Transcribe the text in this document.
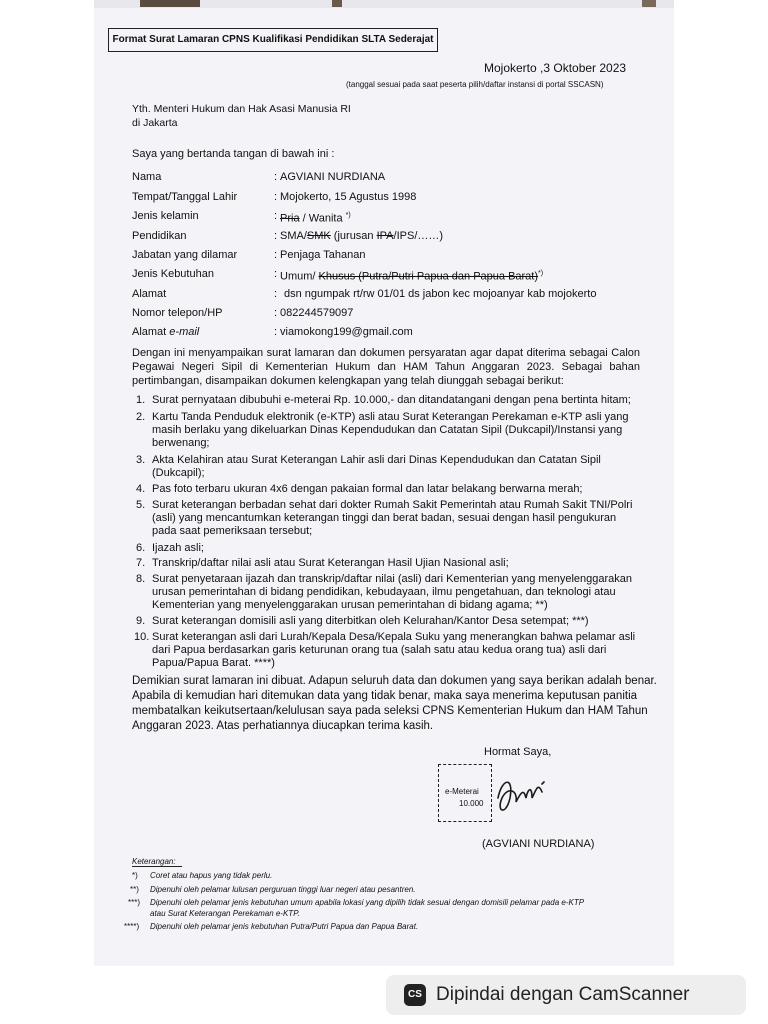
Format Surat Lamaran CPNS Kualifikasi Pendidikan SLTA Sederajat
Mojokerto ,3 Oktober 2023
(tanggal sesuai pada saat peserta pilih/daftar instansi di portal SSCASN)
Yth. Menteri Hukum dan Hak Asasi Manusia RI
di Jakarta
Saya yang bertanda tangan di bawah ini :
Nama	: AGVIANI NURDIANA
Tempat/Tanggal Lahir	: Mojokerto, 15 Agustus 1998
Jenis kelamin	: Pria / Wanita *)
Pendidikan	: SMA/SMK (jurusan IPA/IPS/……)
Jabatan yang dilamar	: Penjaga Tahanan
Jenis Kebutuhan	: Umum/ Khusus (Putra/Putri Papua dan Papua Barat)*)
Alamat	: dsn ngumpak rt/rw 01/01 ds jabon kec mojoanyar kab mojokerto
Nomor telepon/HP	: 082244579097
Alamat e-mail	: viamokong199@gmail.com
Dengan ini menyampaikan surat lamaran dan dokumen persyaratan agar dapat diterima sebagai Calon Pegawai Negeri Sipil di Kementerian Hukum dan HAM Tahun Anggaran 2023. Sebagai bahan pertimbangan, disampaikan dokumen kelengkapan yang telah diunggah sebagai berikut:
1. Surat pernyataan dibubuhi e-meterai Rp. 10.000,- dan ditandatangani dengan pena bertinta hitam;
2. Kartu Tanda Penduduk elektronik (e-KTP) asli atau Surat Keterangan Perekaman e-KTP asli yang
masih berlaku yang dikeluarkan Dinas Kependudukan dan Catatan Sipil (Dukcapil)/Instansi yang
berwenang;
3. Akta Kelahiran atau Surat Keterangan Lahir asli dari Dinas Kependudukan dan Catatan Sipil
(Dukcapil);
4. Pas foto terbaru ukuran 4x6 dengan pakaian formal dan latar belakang berwarna merah;
5. Surat keterangan berbadan sehat dari dokter Rumah Sakit Pemerintah atau Rumah Sakit TNI/Polri
(asli) yang mencantumkan keterangan tinggi dan berat badan, sesuai dengan hasil pengukuran
pada saat pemeriksaan tersebut;
6. Ijazah asli;
7. Transkrip/daftar nilai asli atau Surat Keterangan Hasil Ujian Nasional asli;
8. Surat penyetaraan ijazah dan transkrip/daftar nilai (asli) dari Kementerian yang menyelenggarakan
urusan pemerintahan di bidang pendidikan, kebudayaan, ilmu pengetahuan, dan teknologi atau
Kementerian yang menyelenggarakan urusan pemerintahan di bidang agama; **)
9. Surat keterangan domisili asli yang diterbitkan oleh Kelurahan/Kantor Desa setempat; ***)
10. Surat keterangan asli dari Lurah/Kepala Desa/Kepala Suku yang menerangkan bahwa pelamar asli
dari Papua berdasarkan garis keturunan orang tua (salah satu atau kedua orang tua) asli dari
Papua/Papua Barat. ****)
Demikian surat lamaran ini dibuat. Adapun seluruh data dan dokumen yang saya berikan adalah benar.
Apabila di kemudian hari ditemukan data yang tidak benar, maka saya menerima keputusan panitia
membatalkan keikutsertaan/kelulusan saya pada seleksi CPNS Kementerian Hukum dan HAM Tahun
Anggaran 2023. Atas perhatiannya diucapkan terima kasih.
Hormat Saya,
e-Meterai
10.000
(AGVIANI NURDIANA)
Keterangan:
*) Coret atau hapus yang tidak perlu.
**) Dipenuhi oleh pelamar lulusan perguruan tinggi luar negeri atau pesantren.
***) Dipenuhi oleh pelamar jenis kebutuhan umum apabila lokasi yang dipilih tidak sesuai dengan domisili pelamar pada e-KTP
atau Surat Keterangan Perekaman e-KTP.
****) Dipenuhi oleh pelamar jenis kebutuhan Putra/Putri Papua dan Papua Barat.
CS Dipindai dengan CamScanner
